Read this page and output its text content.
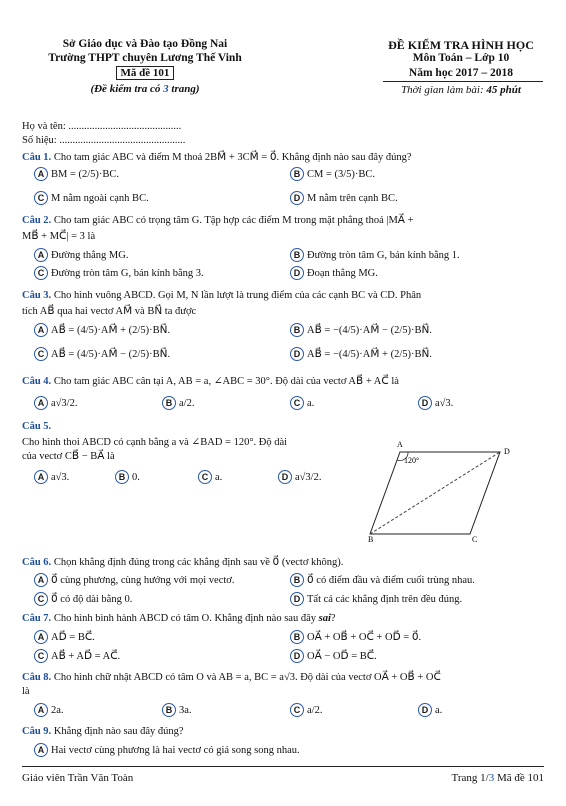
Sở Giáo dục và Đào tạo Đồng Nai
Trường THPT chuyên Lương Thế Vinh
Mã đề 101
(Đề kiểm tra có 3 trang)
ĐỀ KIỂM TRA HÌNH HỌC
Môn Toán – Lớp 10
Năm học 2017 – 2018
Thời gian làm bài: 45 phút
Họ và tên: ...........................................
Số hiệu: ................................................
Câu 1. Cho tam giác ABC và điểm M thoả 2BM⃗ + 3CM⃗ = 0⃗. Khẳng định nào sau đây đúng?
A BM = (2/5)·BC.	B CM = (3/5)·BC.
C M nằm ngoài cạnh BC.	D M nằm trên cạnh BC.
Câu 2. Cho tam giác ABC có trọng tâm G. Tập hợp các điểm M trong mặt phẳng thoả |MA⃗ +
MB⃗ + MC⃗| = 3 là
A Đường thẳng MG.	B Đường tròn tâm G, bán kính bằng 1.
C Đường tròn tâm G, bán kính bằng 3.	D Đoạn thẳng MG.
Câu 3. Cho hình vuông ABCD. Gọi M, N lần lượt là trung điểm của các cạnh BC và CD. Phân
tích AB⃗ qua hai vectơ AM⃗ và BN⃗ ta được
A AB⃗ = (4/5)·AM⃗ + (2/5)·BN⃗.	B AB⃗ = −(4/5)·AM⃗ − (2/5)·BN⃗.
C AB⃗ = (4/5)·AM⃗ − (2/5)·BN⃗.	D AB⃗ = −(4/5)·AM⃗ + (2/5)·BN⃗.
Câu 4. Cho tam giác ABC cân tại A, AB = a, ∠ABC = 30°. Độ dài của vectơ AB⃗ + AC⃗ là
A a√3/2.	B a/2.	C a.	D a√3.
Câu 5.
Cho hình thoi ABCD có cạnh bằng a và ∠BAD = 120°. Độ dài
của vectơ CB⃗ − BA⃗ là
A a√3.	B 0.	C a.	D a√3/2.
A
B	C
D
120°
Câu 6. Chọn khẳng định đúng trong các khẳng định sau về 0⃗ (vectơ không).
A 0⃗ cùng phương, cùng hướng với mọi vectơ.	B 0⃗ có điểm đầu và điểm cuối trùng nhau.
C 0⃗ có độ dài bằng 0.	D Tất cả các khẳng định trên đều đúng.
Câu 7. Cho hình bình hành ABCD có tâm O. Khẳng định nào sau đây sai?
A AD⃗ = BC⃗.	B OA⃗ + OB⃗ + OC⃗ + OD⃗ = 0⃗.
C AB⃗ + AD⃗ = AC⃗.	D OA⃗ − OD⃗ = BC⃗.
Câu 8. Cho hình chữ nhật ABCD có tâm O và AB = a, BC = a√3. Độ dài của vectơ OA⃗ + OB⃗ + OC⃗
là
A 2a.	B 3a.	C a/2.	D a.
Câu 9. Khẳng định nào sau đây đúng?
A Hai vectơ cùng phương là hai vectơ có giá song song nhau.
Giáo viên Trần Văn Toàn	Trang 1/3 Mã đề 101
